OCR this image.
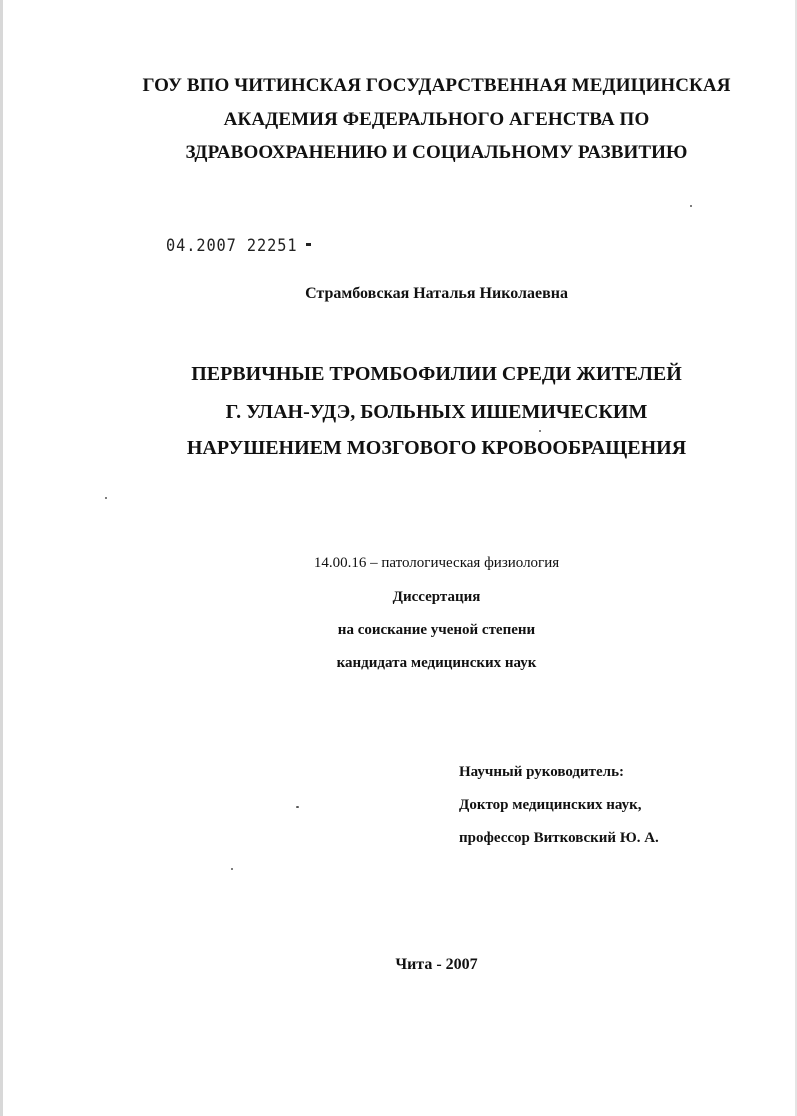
ГОУ ВПО ЧИТИНСКАЯ ГОСУДАРСТВЕННАЯ МЕДИЦИНСКАЯ
АКАДЕМИЯ ФЕДЕРАЛЬНОГО АГЕНСТВА ПО
ЗДРАВООХРАНЕНИЮ И СОЦИАЛЬНОМУ РАЗВИТИЮ
04.2007 22251
Страмбовская Наталья Николаевна
ПЕРВИЧНЫЕ ТРОМБОФИЛИИ СРЕДИ ЖИТЕЛЕЙ
Г. УЛАН-УДЭ, БОЛЬНЫХ ИШЕМИЧЕСКИМ
НАРУШЕНИЕМ МОЗГОВОГО КРОВООБРАЩЕНИЯ
14.00.16 – патологическая физиология
Диссертация
на соискание ученой степени
кандидата медицинских наук
Научный руководитель:
Доктор медицинских наук,
профессор Витковский Ю. А.
Чита - 2007
